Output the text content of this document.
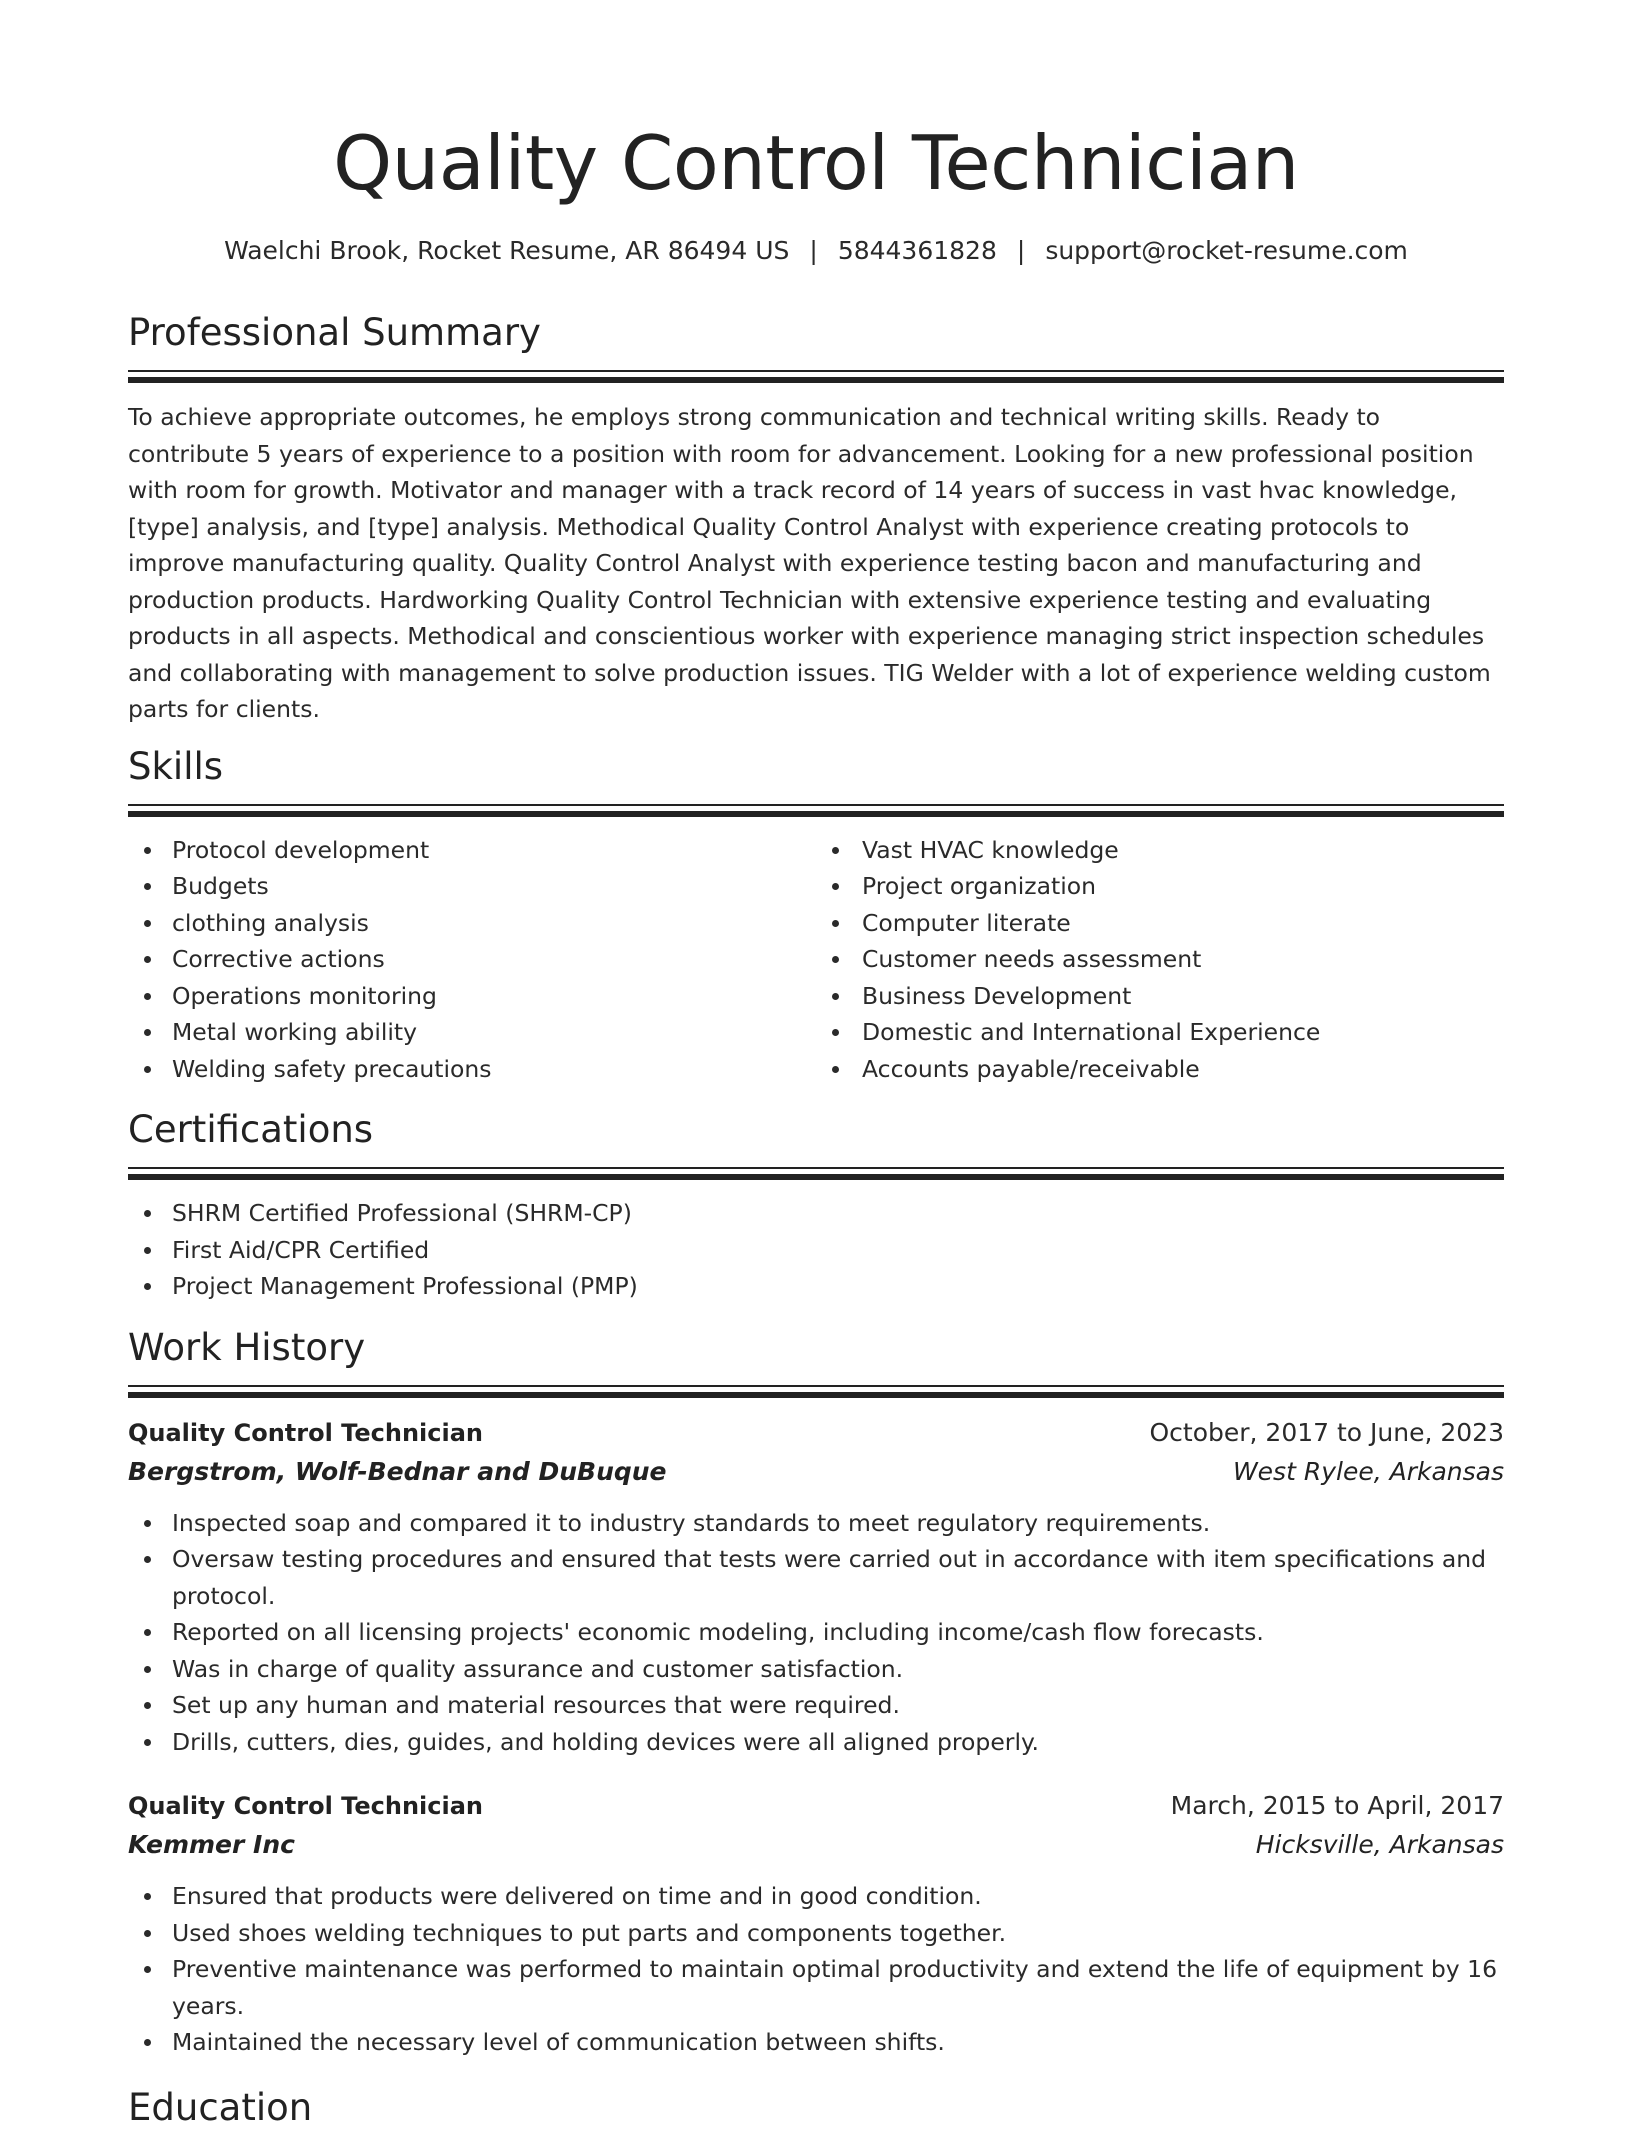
Quality Control Technician
Waelchi Brook, Rocket Resume, AR 86494 US | 5844361828 | support@rocket-resume.com
Professional Summary

To achieve appropriate outcomes, he employs strong communication and technical writing skills. Ready to contribute 5 years of experience to a position with room for advancement. Looking for a new professional position with room for growth. Motivator and manager with a track record of 14 years of success in vast hvac knowledge, [type] analysis, and [type] analysis. Methodical Quality Control Analyst with experience creating protocols to improve manufacturing quality. Quality Control Analyst with experience testing bacon and manufacturing and production products. Hardworking Quality Control Technician with extensive experience testing and evaluating products in all aspects. Methodical and conscientious worker with experience managing strict inspection schedules and collaborating with management to solve production issues. TIG Welder with a lot of experience welding custom parts for clients.

Skills
Protocol development
Budgets
clothing analysis
Corrective actions
Operations monitoring
Metal working ability
Welding safety precautions
Vast HVAC knowledge
Project organization
Computer literate
Customer needs assessment
Business Development
Domestic and International Experience
Accounts payable/receivable
Certifications
SHRM Certified Professional (SHRM-CP)
First Aid/CPR Certified
Project Management Professional (PMP)
Work History
Quality Control Technician	October, 2017 to June, 2023
Bergstrom, Wolf-Bednar and DuBuque	West Rylee, Arkansas
Inspected soap and compared it to industry standards to meet regulatory requirements.
Oversaw testing procedures and ensured that tests were carried out in accordance with item specifications and protocol.
Reported on all licensing projects' economic modeling, including income/cash flow forecasts.
Was in charge of quality assurance and customer satisfaction.
Set up any human and material resources that were required.
Drills, cutters, dies, guides, and holding devices were all aligned properly.
Quality Control Technician	March, 2015 to April, 2017
Kemmer Inc	Hicksville, Arkansas
Ensured that products were delivered on time and in good condition.
Used shoes welding techniques to put parts and components together.
Preventive maintenance was performed to maintain optimal productivity and extend the life of equipment by 16 years.
Maintained the necessary level of communication between shifts.
Education
